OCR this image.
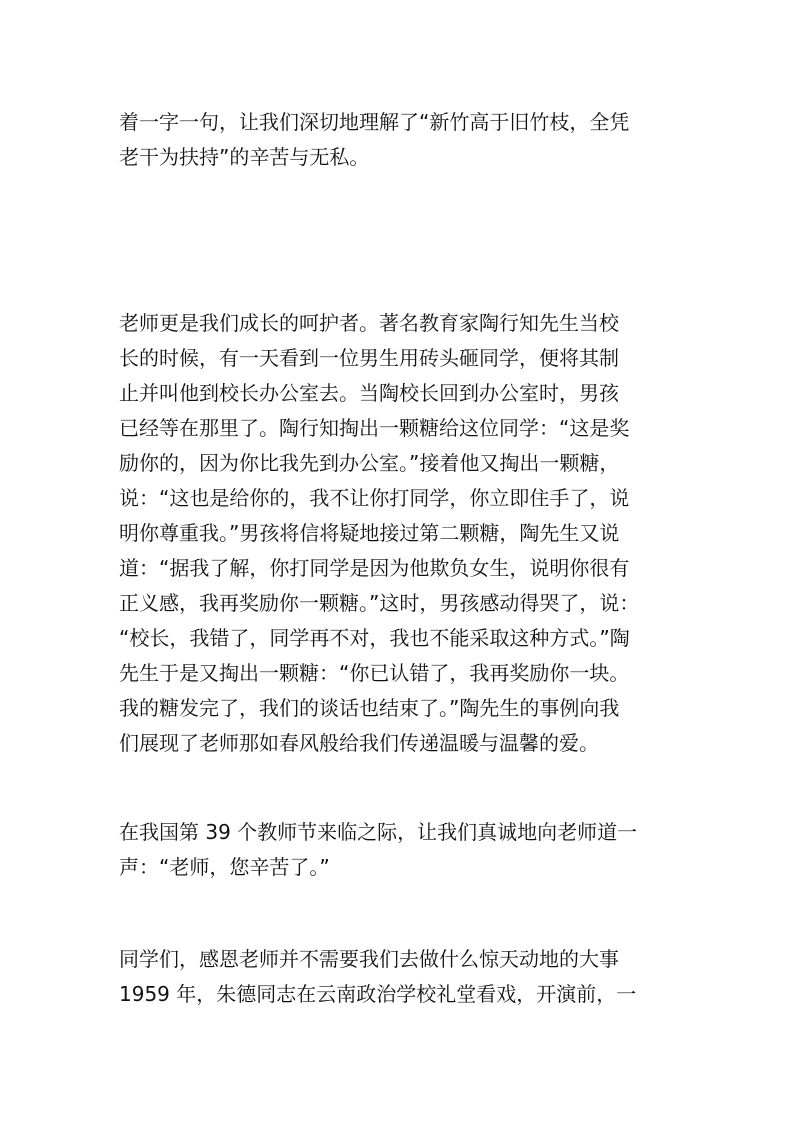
着一字一句，让我们深切地理解了“新竹高于旧竹枝，全凭
老干为扶持”的辛苦与无私。
老师更是我们成长的呵护者。著名教育家陶行知先生当校
长的时候，有一天看到一位男生用砖头砸同学，便将其制
止并叫他到校长办公室去。当陶校长回到办公室时，男孩
已经等在那里了。陶行知掏出一颗糖给这位同学：“这是奖
励你的，因为你比我先到办公室。”接着他又掏出一颗糖，
说：“这也是给你的，我不让你打同学，你立即住手了，说
明你尊重我。”男孩将信将疑地接过第二颗糖，陶先生又说
道：“据我了解，你打同学是因为他欺负女生，说明你很有
正义感，我再奖励你一颗糖。”这时，男孩感动得哭了，说：
“校长，我错了，同学再不对，我也不能采取这种方式。”陶
先生于是又掏出一颗糖：“你已认错了，我再奖励你一块。
我的糖发完了，我们的谈话也结束了。”陶先生的事例向我
们展现了老师那如春风般给我们传递温暖与温馨的爱。
在我国第 39 个教师节来临之际，让我们真诚地向老师道一
声：“老师，您辛苦了。”
同学们，感恩老师并不需要我们去做什么惊天动地的大事
1959 年，朱德同志在云南政治学校礼堂看戏，开演前，一
